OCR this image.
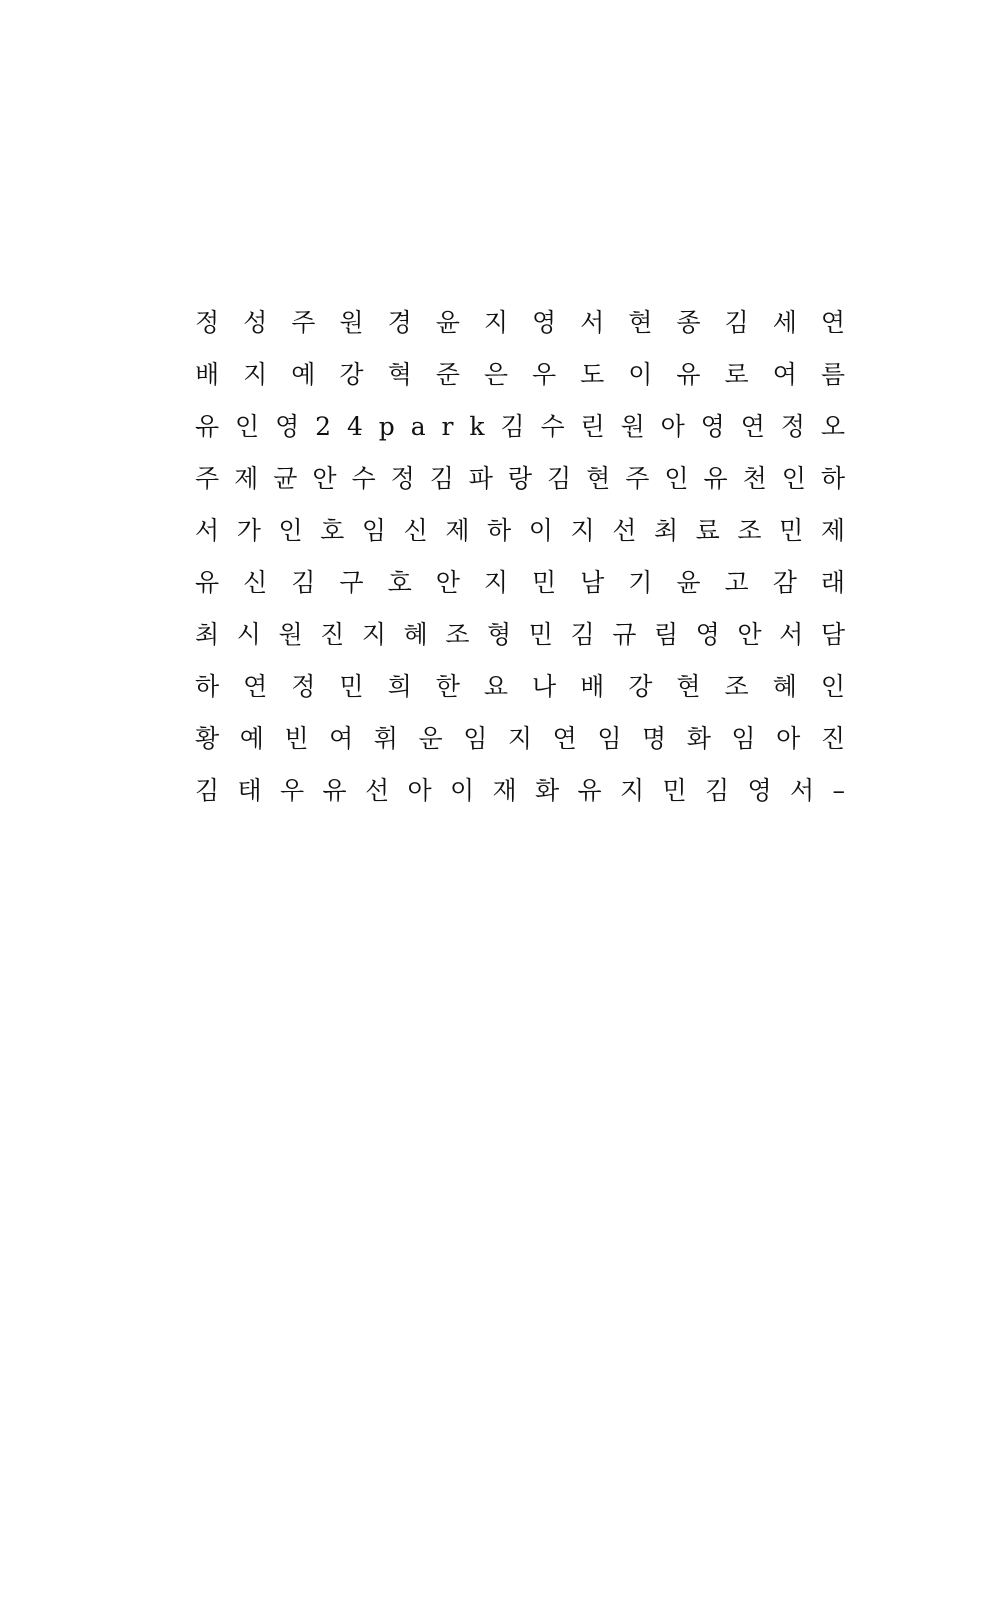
정 성 주 원 경 윤 지 영 서 현 종 김 세 연
배 지 예 강 혁 준 은 우 도 이 유 로 여 름
유 인 영 2 4 p a r k 김 수 린 원 아 영 연 정 오
주 제 균 안 수 정 김 파 랑 김 현 주 인 유 천 인 하
서 가 인 호 임 신 제 하 이 지 선 최 료 조 민 제
유 신 김 구 호 안 지 민 남 기 윤 고 감 래
최 시 원 진 지 혜 조 형 민 김 규 림 영 안 서 담
하 연 정 민 희 한 요 나 배 강 현 조 혜 인
황 예 빈 여 휘 운 임 지 연 임 명 화 임 아 진
김 태 우 유 선 아 이 재 화 유 지 민 김 영 서 –
